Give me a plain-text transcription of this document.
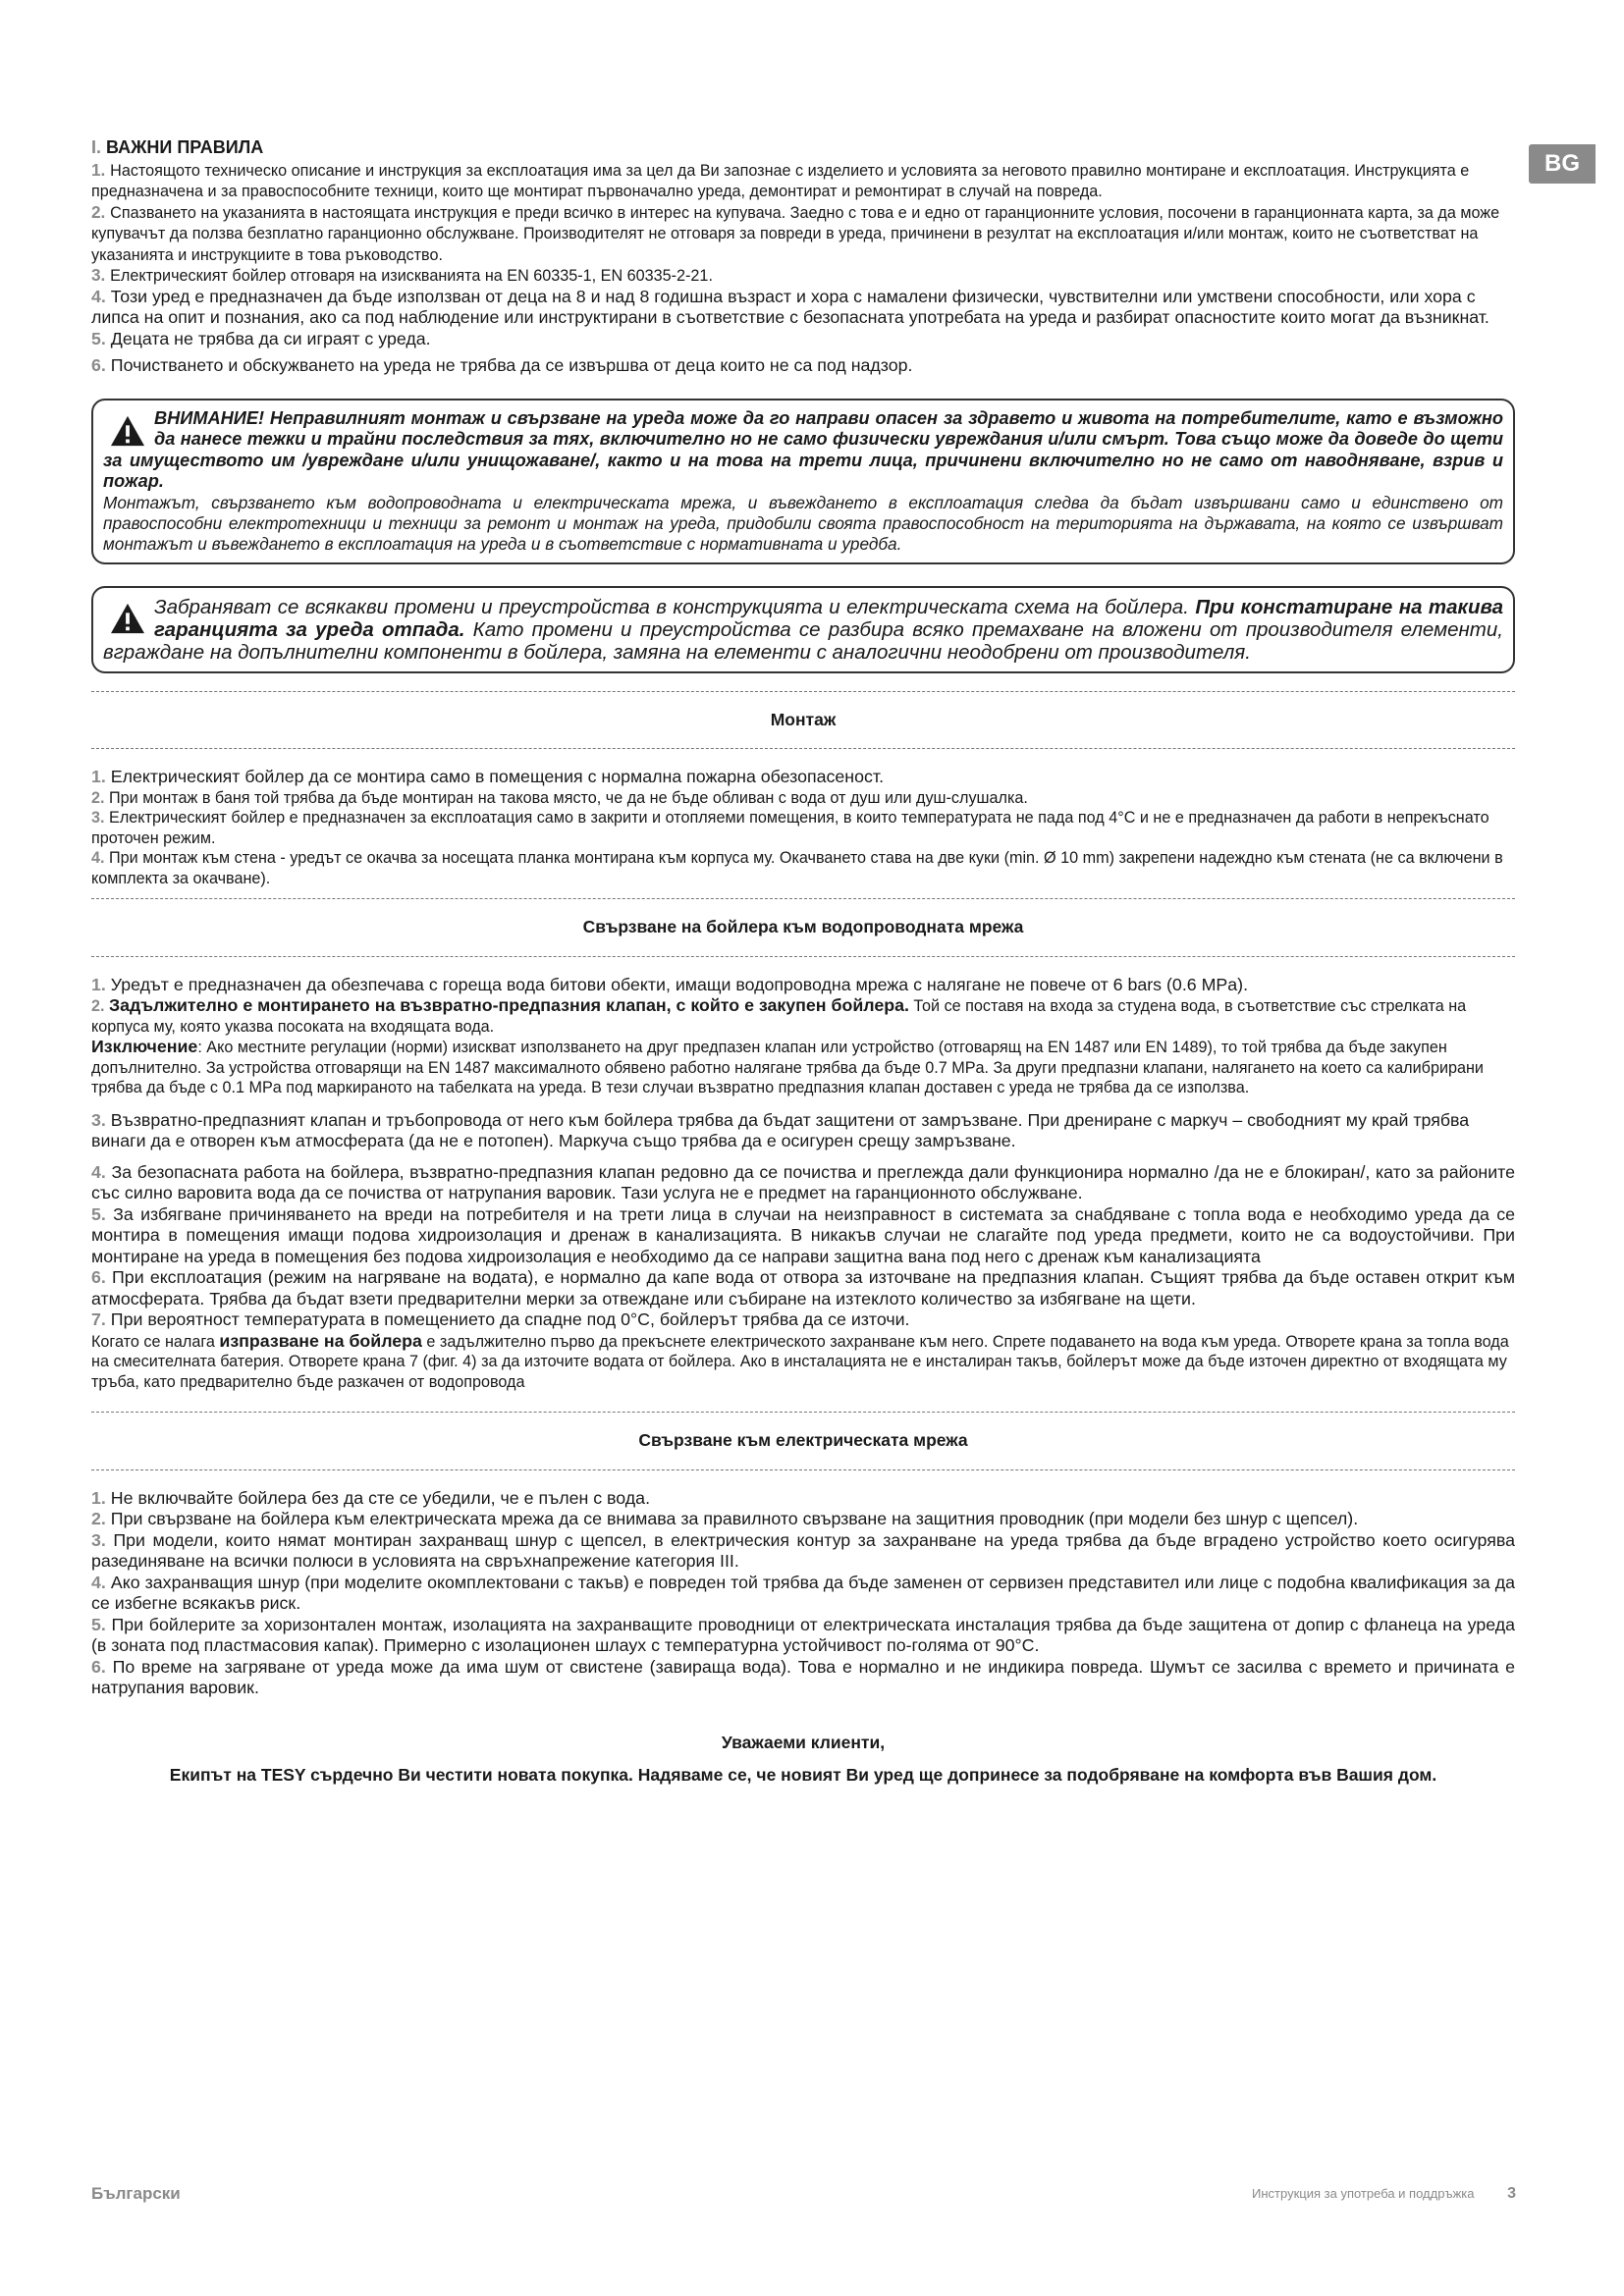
BG
I. ВАЖНИ ПРАВИЛА

1. Настоящото техническо описание и инструкция за експлоатация има за цел да Ви запознае с изделието и условията за неговото правилно монтиране и експлоатация. Инструкцията е предназначена и за правоспособните техници, които ще монтират първоначално уреда, демонтират и ремонтират в случай на повреда.

2. Спазването на указанията в настоящата инструкция е преди всичко в интерес на купувача. Заедно с това е и едно от гаранционните условия, посочени в гаранционната карта, за да може купувачът да ползва безплатно гаранционно обслужване. Производителят не отговаря за повреди в уреда, причинени в резултат на експлоатация и/или монтаж, които не съответстват на указанията и инструкциите в това ръководство.

3. Електрическият бойлер отговаря на изискванията на EN 60335-1, EN 60335-2-21.

4. Този уред е предназначен да бъде използван от деца на 8 и над 8 годишна възраст и хора с намалени физически, чувствителни или умствени способности, или хора с липса на опит и познания, ако са под наблюдение или инструктирани в съответствие с безопасната употребата на уреда и разбират опасностите които могат да възникнат.

5. Децата не трябва да си играят с уреда.

6. Почистването и обскужването на уреда не трябва да се извършва от деца които не са под надзор.

ВНИМАНИЕ! Неправилният монтаж и свързване на уреда може да го направи опасен за здравето и живота на потребителите, като е възможно да нанесе тежки и трайни последствия за тях, включително но не само физически увреждания и/или смърт. Това също може да доведе до щети за имуществото им /увреждане и/или унищожаване/, както и на това на трети лица, причинени включително но не само от наводняване, взрив и пожар.
Монтажът, свързването към водопроводната и електрическата мрежа, и въвеждането в експлоатация следва да бъдат извършвани само и единствено от правоспособни електротехници и техници за ремонт и монтаж на уреда, придобили своята правоспособност на територията на държавата, на която се извършват монтажът и въвеждането в експлоатация на уреда и в съответствие с нормативната и уредба.
Забраняват се всякакви промени и преустройства в конструкцията и електрическата схема на бойлера. При констатиране на такива гаранцията за уреда отпада. Като промени и преустройства се разбира всяко премахване на вложени от производителя елементи, вграждане на допълнителни компоненти в бойлера, замяна на елементи с аналогични неодобрени от производителя.
Монтаж

1. Електрическият бойлер да се монтира само в помещения с нормална пожарна обезопасеност.

2. При монтаж в баня той трябва да бъде монтиран на такова място, че да не бъде обливан с вода от душ или душ-слушалка.

3. Електрическият бойлер е предназначен за експлоатация само в закрити и отопляеми помещения, в които температурата не пада под 4°C и не е предназначен да работи в непрекъснато проточен режим.

4. При монтаж към стена - уредът се окачва за носещата планка монтирана към корпуса му. Окачването става на две куки (min. Ø 10 mm) закрепени надеждно към стената (не са включени в комплекта за окачване).

Свързване на бойлера към водопроводната мрежа

1. Уредът е предназначен да обезпечава с гореща вода битови обекти, имащи водопроводна мрежа с налягане не повече от 6 bars (0.6 MPa).

2. Задължително е монтирането на възвратно-предпазния клапан, с който е закупен бойлера. Той се поставя на входа за студена вода, в съответствие със стрелката на корпуса му, която указва посоката на входящата вода.

Изключение: Ако местните регулации (норми) изискват използването на друг предпазен клапан или устройство (отговарящ на EN 1487 или EN 1489), то той трябва да бъде закупен допълнително. За устройства отговарящи на EN 1487 максималното обявено работно налягане трябва да бъде 0.7 MPa. За други предпазни клапани, налягането на което са калибрирани трябва да бъде с 0.1 MPa под маркираното на табелката на уреда. В тези случаи възвратно предпазния клапан доставен с уреда не трябва да се използва.

3. Възвратно-предпазният клапан и тръбопровода от него към бойлера трябва да бъдат защитени от замръзване. При дрениране с маркуч – свободният му край трябва винаги да е отворен към атмосферата (да не е потопен). Маркуча също трябва да е осигурен срещу замръзване.

4. За безопасната работа на бойлера, възвратно-предпазния клапан редовно да се почиства и преглежда дали функционира нормално /да не е блокиран/, като за районите със силно варовита вода да се почиства от натрупания варовик. Тази услуга не е предмет на гаранционното обслужване.

5. За избягване причиняването на вреди на потребителя и на трети лица в случаи на неизправност в системата за снабдяване с топла вода е необходимо уреда да се монтира в помещения имащи подова хидроизолация и дренаж в канализацията. В никакъв случаи не слагайте под уреда предмети, които не са водоустойчиви. При монтиране на уреда в помещения без подова хидроизолация е необходимо да се направи защитна вана под него с дренаж към канализацията

6. При експлоатация (режим на нагряване на водата), е нормално да капе вода от отвора за източване на предпазния клапан. Същият трябва да бъде оставен открит към атмосферата. Трябва да бъдат взети предварителни мерки за отвеждане или събиране на изтеклото количество за избягване на щети.

7. При вероятност температурата в помещението да спадне под 0°C, бойлерът трябва да се източи.

Когато се налага изпразване на бойлера е задължително първо да прекъснете електрическото захранване към него. Спрете подаването на вода към уреда. Отворете крана за топла вода на смесителната батерия. Отворете крана 7 (фиг. 4) за да източите водата от бойлера. Ако в инсталацията не е инсталиран такъв, бойлерът може да бъде източен директно от входящата му тръба, като предварително бъде разкачен от водопровода

Свързване към електрическата мрежа

1. Не включвайте бойлера без да сте се убедили, че е пълен с вода.

2. При свързване на бойлера към електрическата мрежа да се внимава за правилното свързване на защитния проводник (при модели без шнур с щепсел).

3. При модели, които нямат монтиран захранващ шнур с щепсел, в електрическия контур за захранване на уреда трябва да бъде вградено устройство което осигурява разединяване на всички полюси в условията на свръхнапрежение категория III.

4. Ако захранващия шнур (при моделите окомплектовани с такъв) е повреден той трябва да бъде заменен от сервизен представител или лице с подобна квалификация за да се избегне всякакъв риск.

5. При бойлерите за хоризонтален монтаж, изолацията на захранващите проводници от електрическата инсталация трябва да бъде защитена от допир с фланеца на уреда (в зоната под пластмасовия капак). Примерно с изолационен шлаух с температурна устойчивост по-голяма от 90°C.

6. По време на загряване от уреда може да има шум от свистене (завираща вода). Това е нормално и не индикира повреда. Шумът се засилва с времето и причината е натрупания варовик.

Уважаеми клиенти,
Екипът на TESY сърдечно Ви честити новата покупка. Надяваме се, че новият Ви уред ще допринесе за подобряване на комфорта във Вашия дом.
Български	Инструкция за употреба и поддръжка 3
